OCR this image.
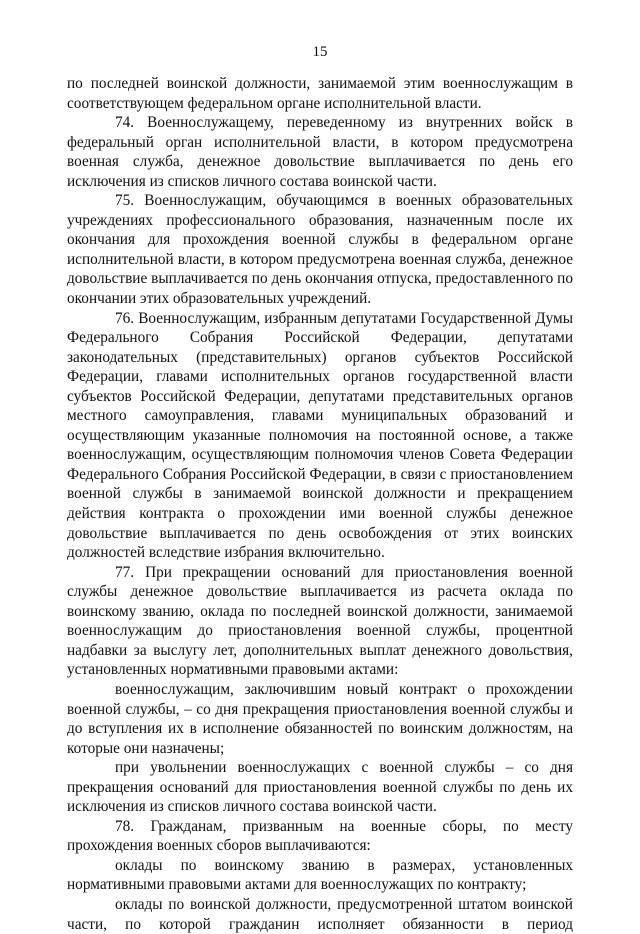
15

по последней воинской должности, занимаемой этим военнослужащим в соответствующем федеральном органе исполнительной власти.

74. Военнослужащему, переведенному из внутренних войск в федеральный орган исполнительной власти, в котором предусмотрена военная служба, денежное довольствие выплачивается по день его исключения из списков личного состава воинской части.

75. Военнослужащим, обучающимся в военных образовательных учреждениях профессионального образования, назначенным после их окончания для прохождения военной службы в федеральном органе исполнительной власти, в котором предусмотрена военная служба, денежное довольствие выплачивается по день окончания отпуска, предоставленного по окончании этих образовательных учреждений.

76. Военнослужащим, избранным депутатами Государственной Думы Федерального Собрания Российской Федерации, депутатами законодательных (представительных) органов субъектов Российской Федерации, главами исполнительных органов государственной власти субъектов Российской Федерации, депутатами представительных органов местного самоуправления, главами муниципальных образований и осуществляющим указанные полномочия на постоянной основе, а также военнослужащим, осуществляющим полномочия членов Совета Федерации Федерального Собрания Российской Федерации, в связи с приостановлением военной службы в занимаемой воинской должности и прекращением действия контракта о прохождении ими военной службы денежное довольствие выплачивается по день освобождения от этих воинских должностей вследствие избрания включительно.

77. При прекращении оснований для приостановления военной службы денежное довольствие выплачивается из расчета оклада по воинскому званию, оклада по последней воинской должности, занимаемой военнослужащим до приостановления военной службы, процентной надбавки за выслугу лет, дополнительных выплат денежного довольствия, установленных нормативными правовыми актами:

военнослужащим, заключившим новый контракт о прохождении военной службы, – со дня прекращения приостановления военной службы и до вступления их в исполнение обязанностей по воинским должностям, на которые они назначены;

при увольнении военнослужащих с военной службы – со дня прекращения оснований для приостановления военной службы по день их исключения из списков личного состава воинской части.

78. Гражданам, призванным на военные сборы, по месту прохождения военных сборов выплачиваются:

оклады по воинскому званию в размерах, установленных нормативными правовыми актами для военнослужащих по контракту;

оклады по воинской должности, предусмотренной штатом воинской части, по которой гражданин исполняет обязанности в период
